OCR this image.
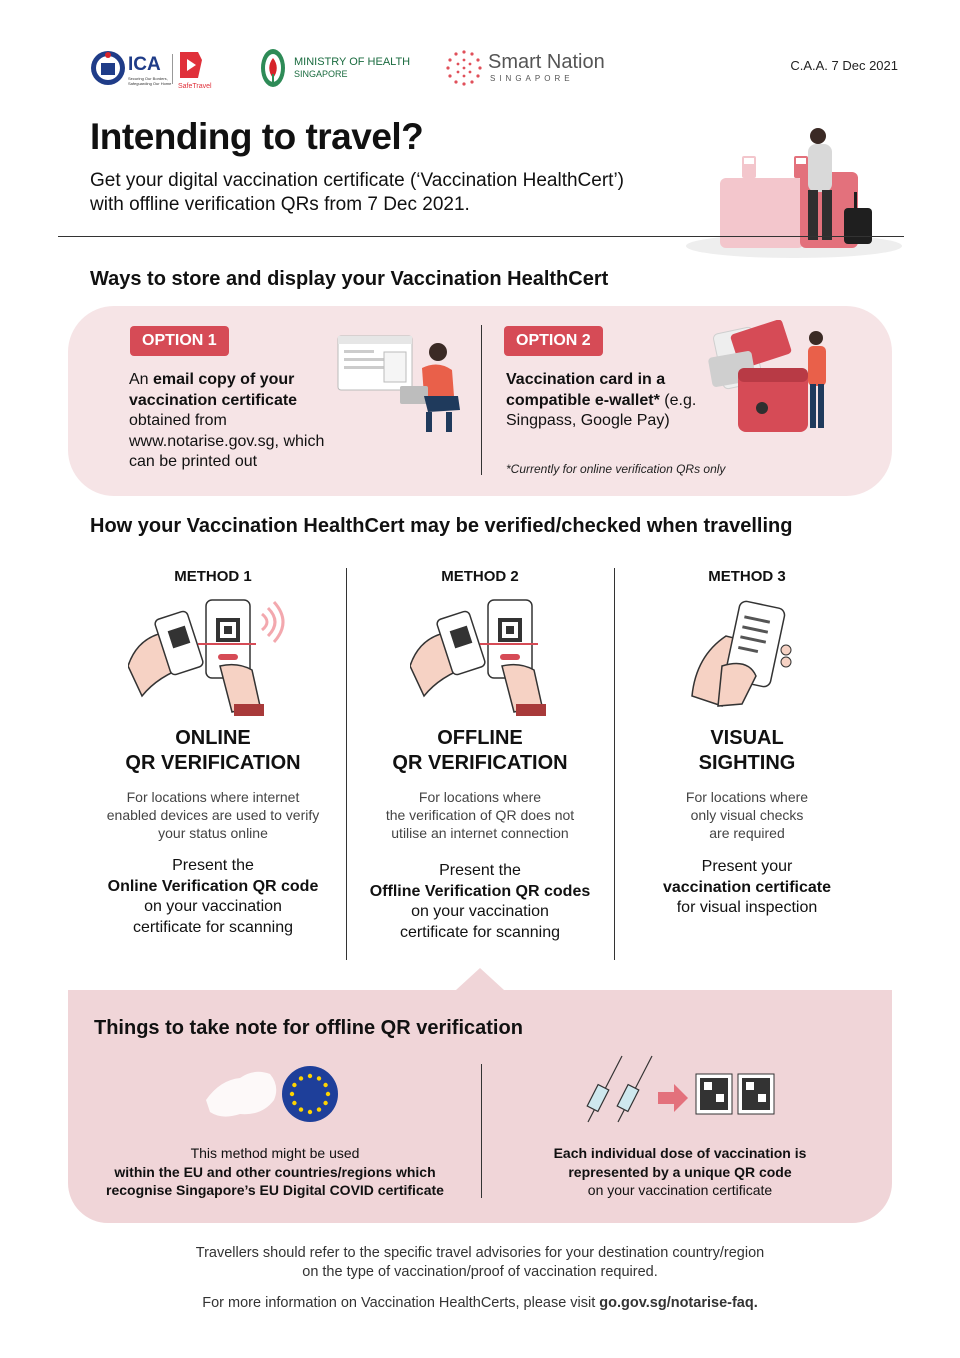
ICA
Securing Our Borders,
Safeguarding Our Home SafeTravel
MINISTRY OF HEALTH
SINGAPORE
Smart Nation
SINGAPORE
C.A.A. 7 Dec 2021
Intending to travel?
Get your digital vaccination certificate (‘Vaccination HealthCert’)
with offline verification QRs from 7 Dec 2021.
Ways to store and display your Vaccination HealthCert
OPTION 1
An email copy of your vaccination certificate obtained from www.notarise.gov.sg, which can be printed out
OPTION 2
Vaccination card in a compatible e-wallet* (e.g. Singpass, Google Pay)
*Currently for online verification QRs only
How your Vaccination HealthCert may be verified/checked when travelling
METHOD 1
ONLINE
QR VERIFICATION
For locations where internet
enabled devices are used to verify
your status online
Present the
Online Verification QR code
on your vaccination
certificate for scanning
METHOD 2
OFFLINE
QR VERIFICATION
For locations where
the verification of QR does not
utilise an internet connection
Present the
Offline Verification QR codes
on your vaccination
certificate for scanning
METHOD 3
VISUAL
SIGHTING
For locations where
only visual checks
are required
Present your
vaccination certificate
for visual inspection
Things to take note for offline QR verification
This method might be used
within the EU and other countries/regions which
recognise Singapore’s EU Digital COVID certificate
Each individual dose of vaccination is
represented by a unique QR code
on your vaccination certificate
Travellers should refer to the specific travel advisories for your destination country/region
on the type of vaccination/proof of vaccination required.
For more information on Vaccination HealthCerts, please visit go.gov.sg/notarise-faq.
